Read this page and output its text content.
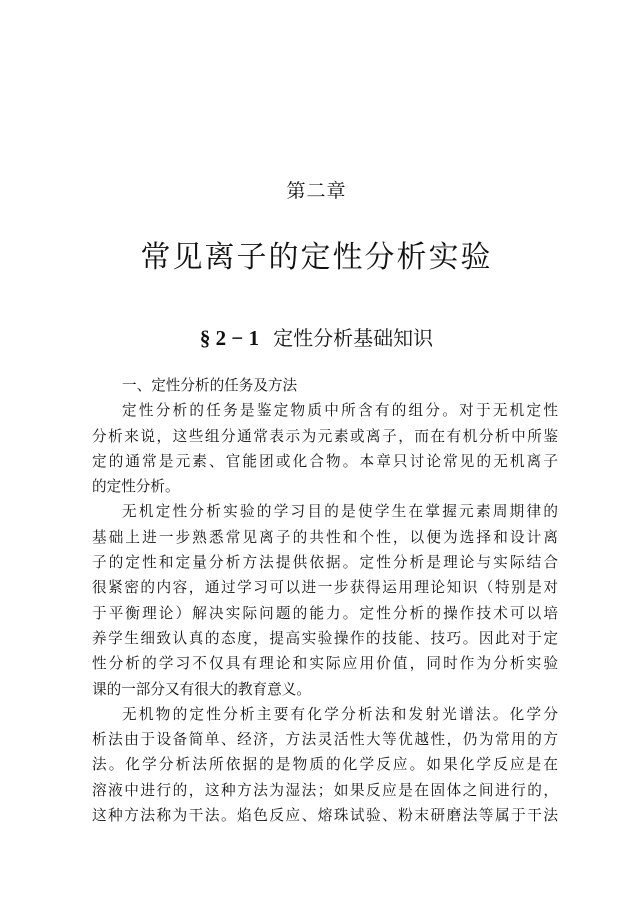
第二章
常见离子的定性分析实验
§ 2 − 1 定性分析基础知识
一、定性分析的任务及方法
定性分析的任务是鉴定物质中所含有的组分。对于无机定性
分析来说，这些组分通常表示为元素或离子，而在有机分析中所鉴
定的通常是元素、官能团或化合物。本章只讨论常见的无机离子
的定性分析。
无机定性分析实验的学习目的是使学生在掌握元素周期律的
基础上进一步熟悉常见离子的共性和个性，以便为选择和设计离
子的定性和定量分析方法提供依据。定性分析是理论与实际结合
很紧密的内容，通过学习可以进一步获得运用理论知识（特别是对
于平衡理论）解决实际问题的能力。定性分析的操作技术可以培
养学生细致认真的态度，提高实验操作的技能、技巧。因此对于定
性分析的学习不仅具有理论和实际应用价值，同时作为分析实验
课的一部分又有很大的教育意义。
无机物的定性分析主要有化学分析法和发射光谱法。化学分
析法由于设备简单、经济，方法灵活性大等优越性，仍为常用的方
法。化学分析法所依据的是物质的化学反应。如果化学反应是在
溶液中进行的，这种方法为湿法；如果反应是在固体之间进行的，
这种方法称为干法。焰色反应、熔珠试验、粉末研磨法等属于干法
